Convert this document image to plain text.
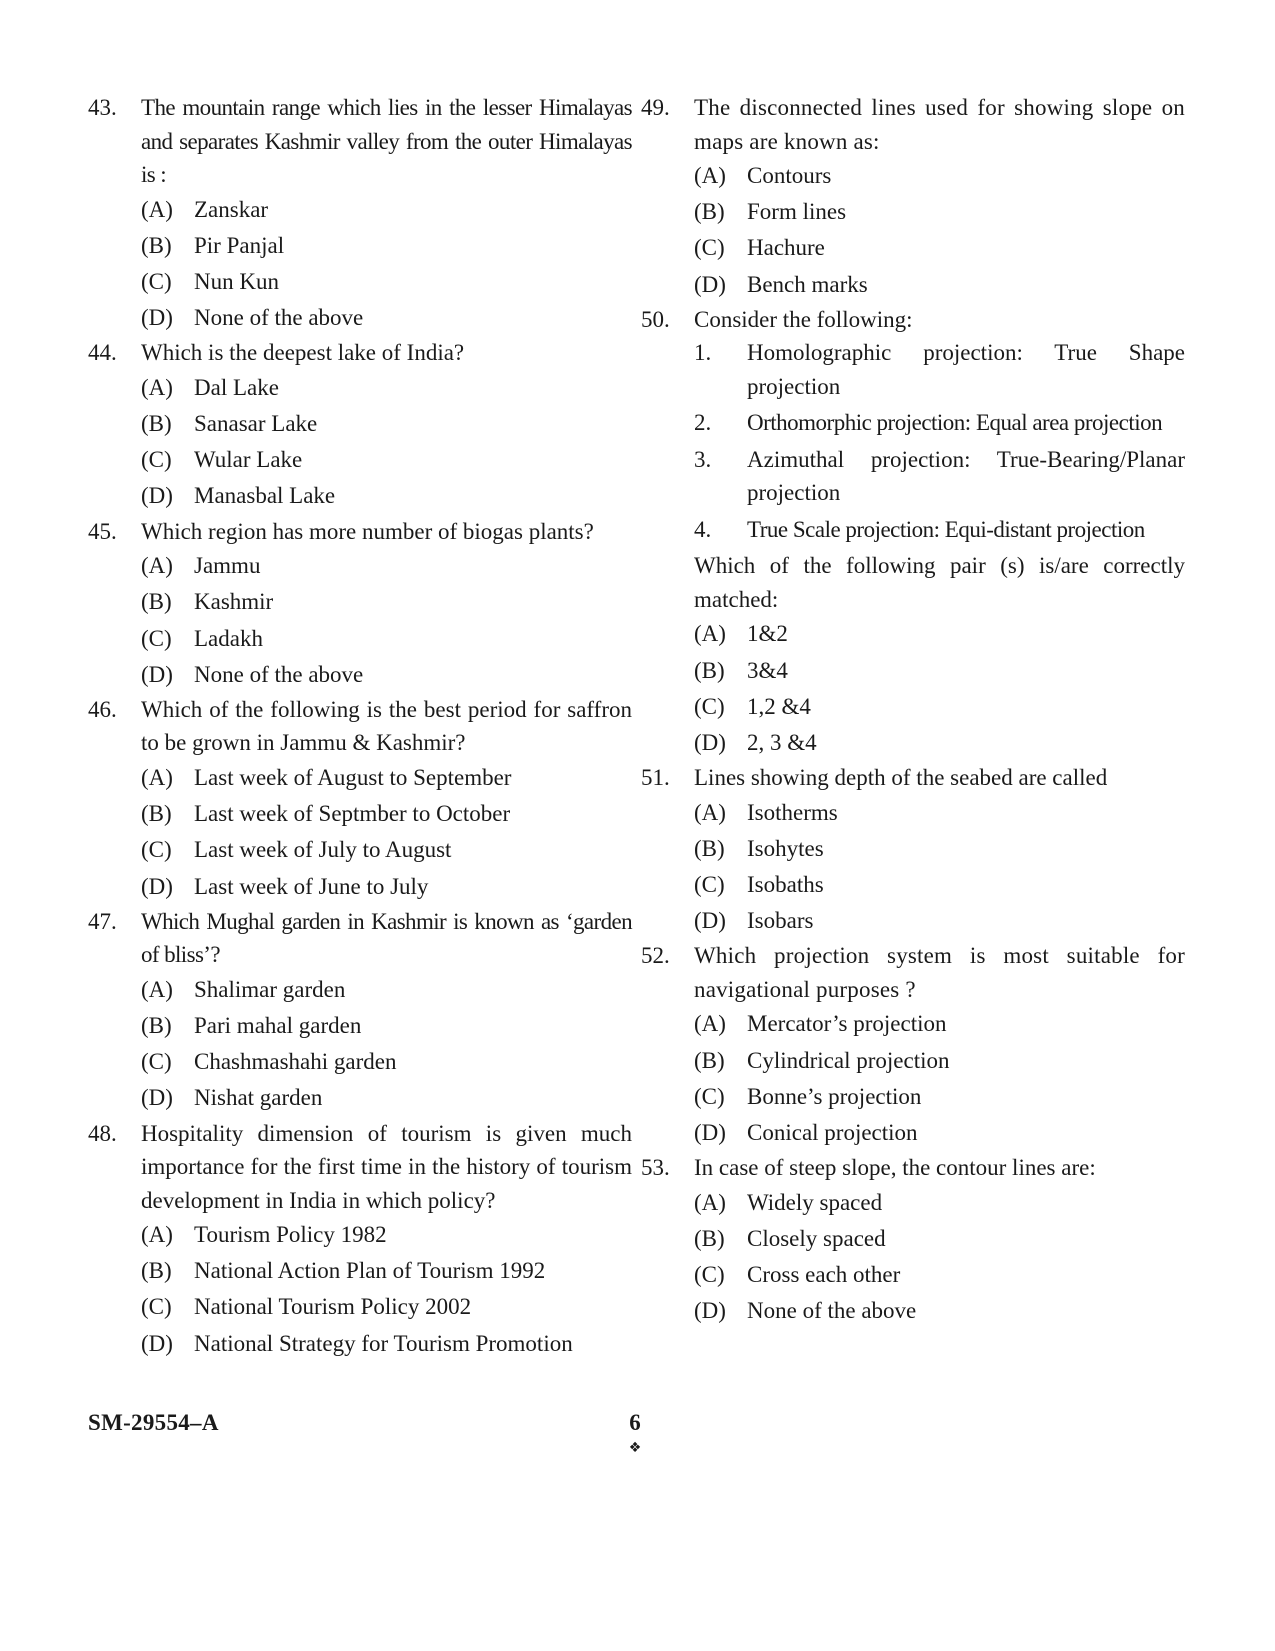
43. The mountain range which lies in the lesser Himalayas and separates Kashmir valley from the outer Himalayas is :

(A) Zanskar
(B) Pir Panjal
(C) Nun Kun
(D) None of the above
44. Which is the deepest lake of India?

(A) Dal Lake
(B) Sanasar Lake
(C) Wular Lake
(D) Manasbal Lake
45. Which region has more number of biogas plants?

(A) Jammu
(B) Kashmir
(C) Ladakh
(D) None of the above
46. Which of the following is the best period for saffron to be grown in Jammu & Kashmir?

(A) Last week of August to September
(B) Last week of Septmber to October
(C) Last week of July to August
(D) Last week of June to July
47. Which Mughal garden in Kashmir is known as ‘garden of bliss’?

(A) Shalimar garden
(B) Pari mahal garden
(C) Chashmashahi garden
(D) Nishat garden
48. Hospitality dimension of tourism is given much importance for the first time in the history of tourism development in India in which policy?

(A) Tourism Policy 1982
(B) National Action Plan of Tourism 1992
(C) National Tourism Policy 2002
(D) National Strategy for Tourism Promotion
49. The disconnected lines used for showing slope on maps are known as:

(A) Contours
(B) Form lines
(C) Hachure
(D) Bench marks
50. Consider the following:

1.	Homolographic projection: True Shape projection
2.	Orthomorphic projection: Equal area projection
3.	Azimuthal projection: True-Bearing/Planar projection
4.	True Scale projection: Equi-distant projection
Which of the following pair (s) is/are correctly matched:
(A) 1&2
(B) 3&4
(C) 1,2 &4
(D) 2, 3 &4
51. Lines showing depth of the seabed are called

(A) Isotherms
(B) Isohytes
(C) Isobaths
(D) Isobars
52. Which projection system is most suitable for navigational purposes ?

(A) Mercator’s projection
(B) Cylindrical projection
(C) Bonne’s projection
(D) Conical projection
53. In case of steep slope, the contour lines are:

(A) Widely spaced
(B) Closely spaced
(C) Cross each other
(D) None of the above
SM-29554–A	6
❖
